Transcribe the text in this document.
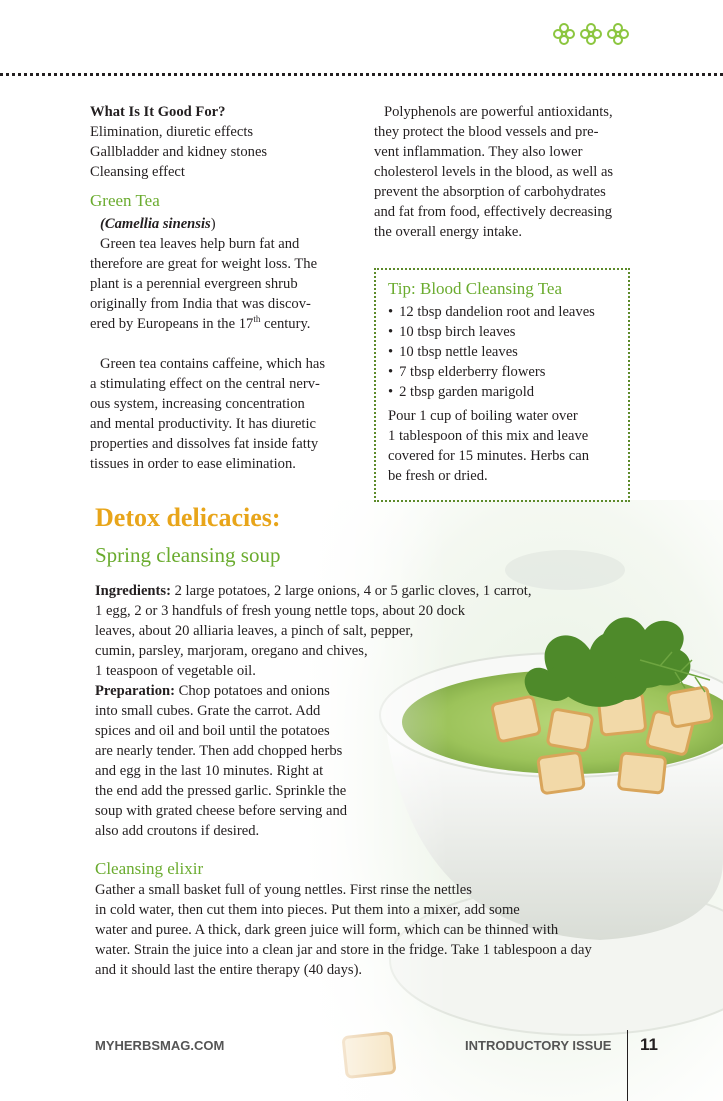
What Is It Good For?
Elimination, diuretic effects
Gallbladder and kidney stones
Cleansing effect
Green Tea
(Camellia sinensis)
Green tea leaves help burn fat and
therefore are great for weight loss. The
plant is a perennial evergreen shrub
originally from India that was discov-
ered by Europeans in the 17th century.
Green tea contains caffeine, which has
a stimulating effect on the central nerv-
ous system, increasing concentration
and mental productivity. It has diuretic
properties and dissolves fat inside fatty
tissues in order to ease elimination.
Polyphenols are powerful antioxidants,
they protect the blood vessels and pre-
vent inflammation. They also lower
cholesterol levels in the blood, as well as
prevent the absorption of carbohydrates
and fat from food, effectively decreasing
the overall energy intake.
Tip: Blood Cleansing Tea
• 12 tbsp dandelion root and leaves
• 10 tbsp birch leaves
• 10 tbsp nettle leaves
• 7 tbsp elderberry flowers
• 2 tbsp garden marigold
Pour 1 cup of boiling water over
1 tablespoon of this mix and leave
covered for 15 minutes. Herbs can
be fresh or dried.
Detox delicacies:
Spring cleansing soup
Ingredients: 2 large potatoes, 2 large onions, 4 or 5 garlic cloves, 1 carrot,
1 egg, 2 or 3 handfuls of fresh young nettle tops, about 20 dock
leaves, about 20 alliaria leaves, a pinch of salt, pepper,
cumin, parsley, marjoram, oregano and chives,
1 teaspoon of vegetable oil.
Preparation: Chop potatoes and onions
into small cubes. Grate the carrot. Add
spices and oil and boil until the potatoes
are nearly tender. Then add chopped herbs
and egg in the last 10 minutes. Right at
the end add the pressed garlic. Sprinkle the
soup with grated cheese before serving and
also add croutons if desired.
Cleansing elixir
Gather a small basket full of young nettles. First rinse the nettles
in cold water, then cut them into pieces. Put them into a mixer, add some
water and puree. A thick, dark green juice will form, which can be thinned with
water. Strain the juice into a clean jar and store in the fridge. Take 1 tablespoon a day
and it should last the entire therapy (40 days).
MYHERBSMAG.COM	INTRODUCTORY ISSUE 11
